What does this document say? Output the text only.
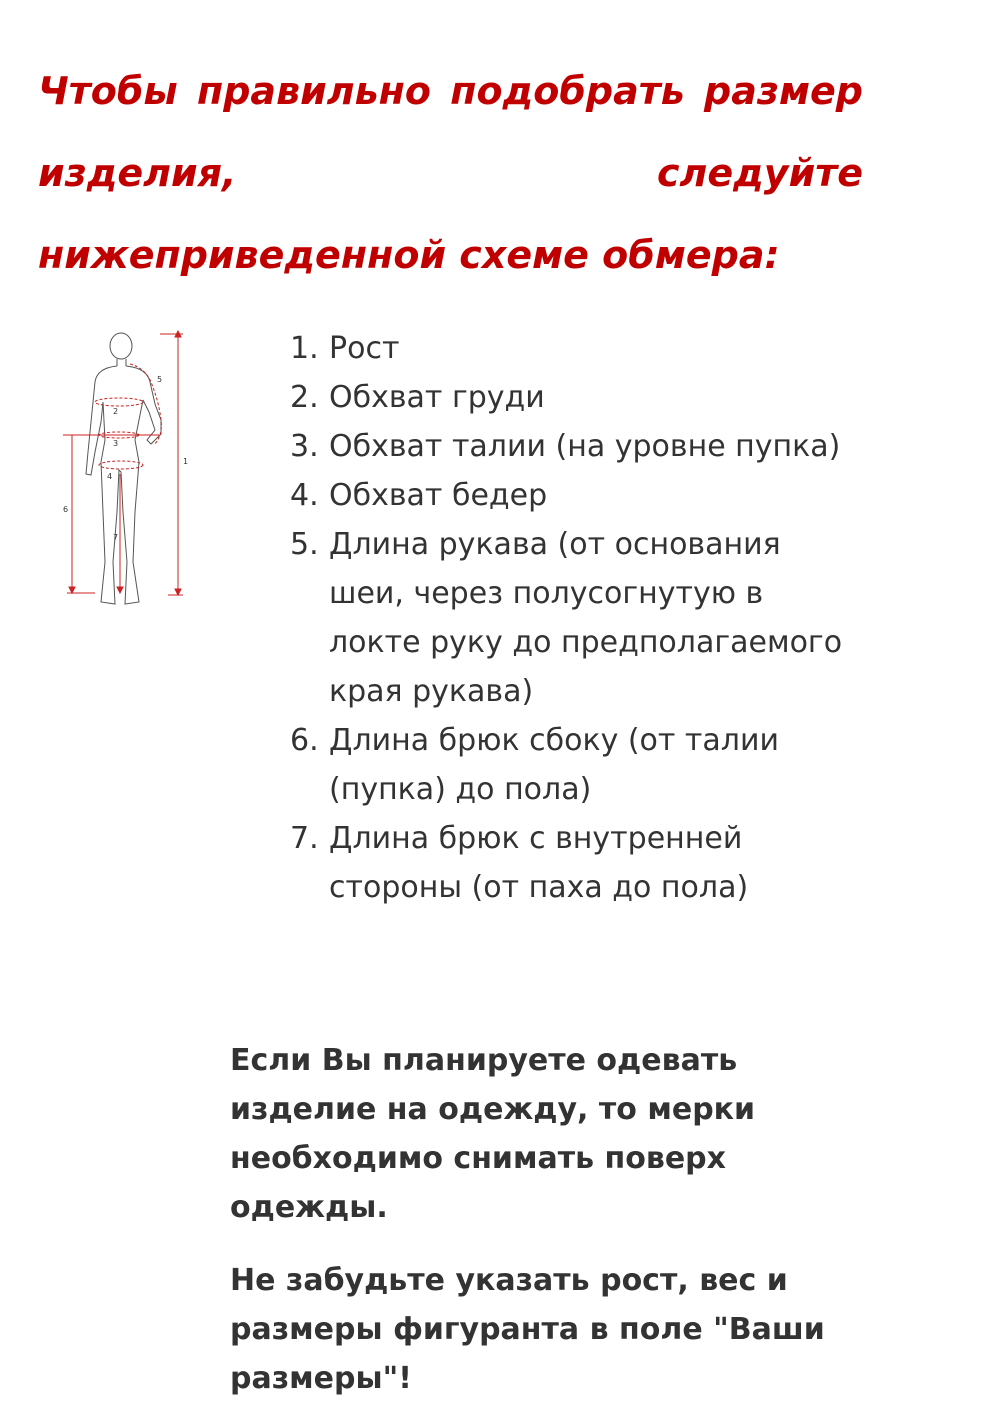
Чтобы правильно подобрать размер изделия, следуйте нижеприведенной схеме обмера:

1
2
3
4
5
6
7
1. Рост
2. Обхват груди
3. Обхват талии (на уровне пупка)
4. Обхват бедер
5. Длина рукава (от основания шеи, через полусогнутую в локте руку до предполагаемого края рукава)
6. Длина брюк сбоку (от талии (пупка) до пола)
7. Длина брюк с внутренней стороны (от паха до пола)

Если Вы планируете одевать изделие на одежду, то мерки необходимо снимать поверх одежды.

Не забудьте указать рост, вес и размеры фигуранта в поле "Ваши размеры"!
